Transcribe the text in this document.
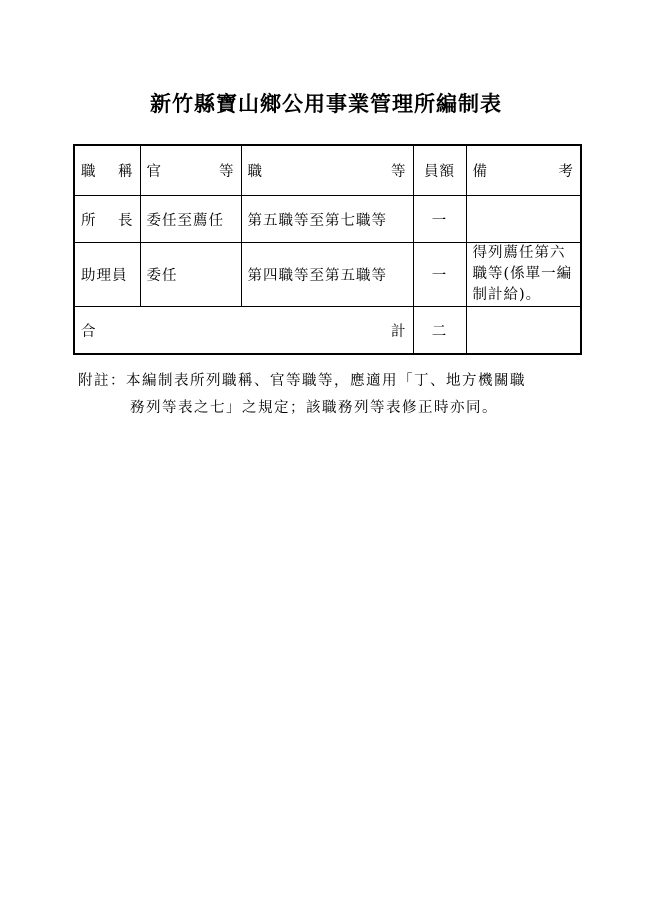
新竹縣寶山鄉公用事業管理所編制表
職 稱	官 等	職 等	員額	備 考

所 長	委任至薦任	第五職等至第七職等	一	
助理員	委任	第四職等至第五職等	一	得列薦任第六職等(係單一編制計給)。

合 計			二	
附註：本編制表所列職稱、官等職等，應適用「丁、地方機關職
務列等表之七」之規定；該職務列等表修正時亦同。
